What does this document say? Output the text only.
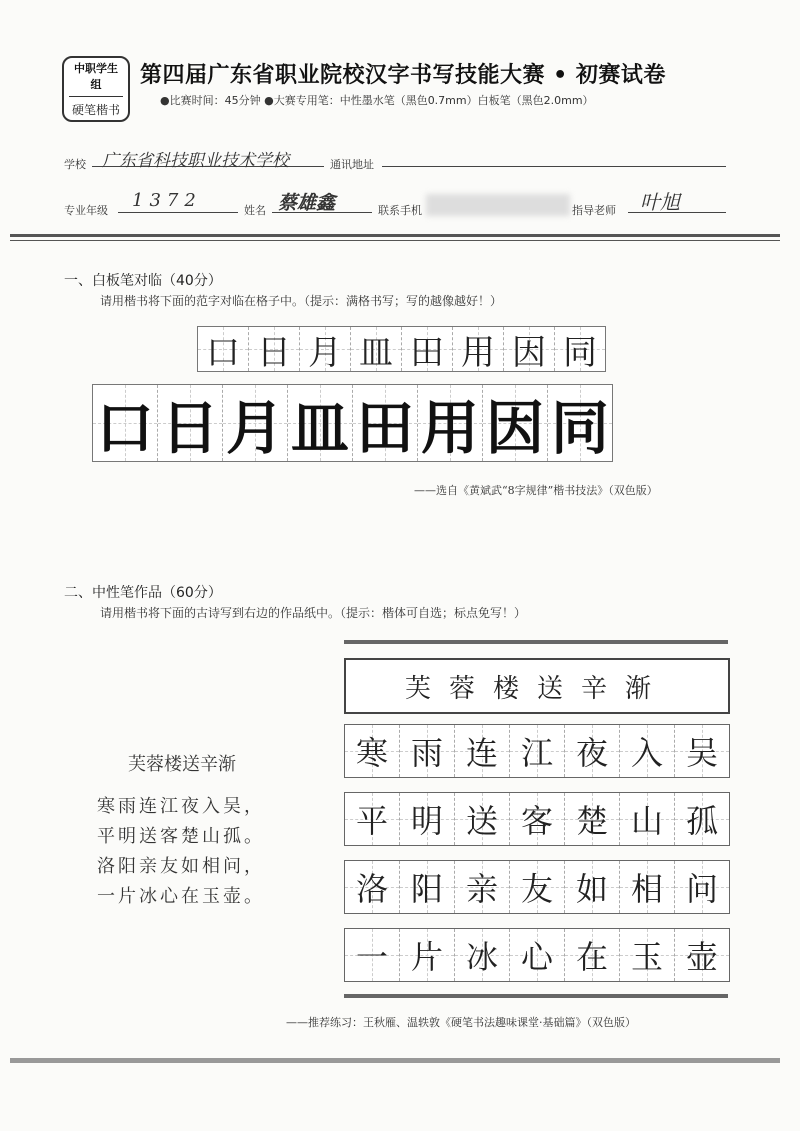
中职学生组
硬笔楷书
第四届广东省职业院校汉字书写技能大赛 • 初赛试卷
●比赛时间：45分钟 ●大赛专用笔：中性墨水笔（黑色0.7mm）白板笔（黑色2.0mm）
学校 广东省科技职业技术学校	通讯地址
专业年级 1372	姓名 蔡雄鑫	联系手机	指导老师 叶旭
一、白板笔对临（40分）
请用楷书将下面的范字对临在格子中。（提示：满格书写；写的越像越好！）
口 日 月 皿 田 用 因 同
口 日 月 皿 田 用 因 同
——选自《黄斌武“8字规律”楷书技法》（双色版）
二、中性笔作品（60分）
请用楷书将下面的古诗写到右边的作品纸中。（提示：楷体可自选；标点免写！）
芙蓉楼送辛渐
寒雨连江夜入吴，
平明送客楚山孤。
洛阳亲友如相问，
一片冰心在玉壶。
芙蓉楼送辛渐
寒 雨 连 江 夜 入 吴
平 明 送 客 楚 山 孤
洛 阳 亲 友 如 相 问
一 片 冰 心 在 玉 壶
——推荐练习：王秋雁、温轶敦《硬笔书法趣味课堂·基础篇》（双色版）
